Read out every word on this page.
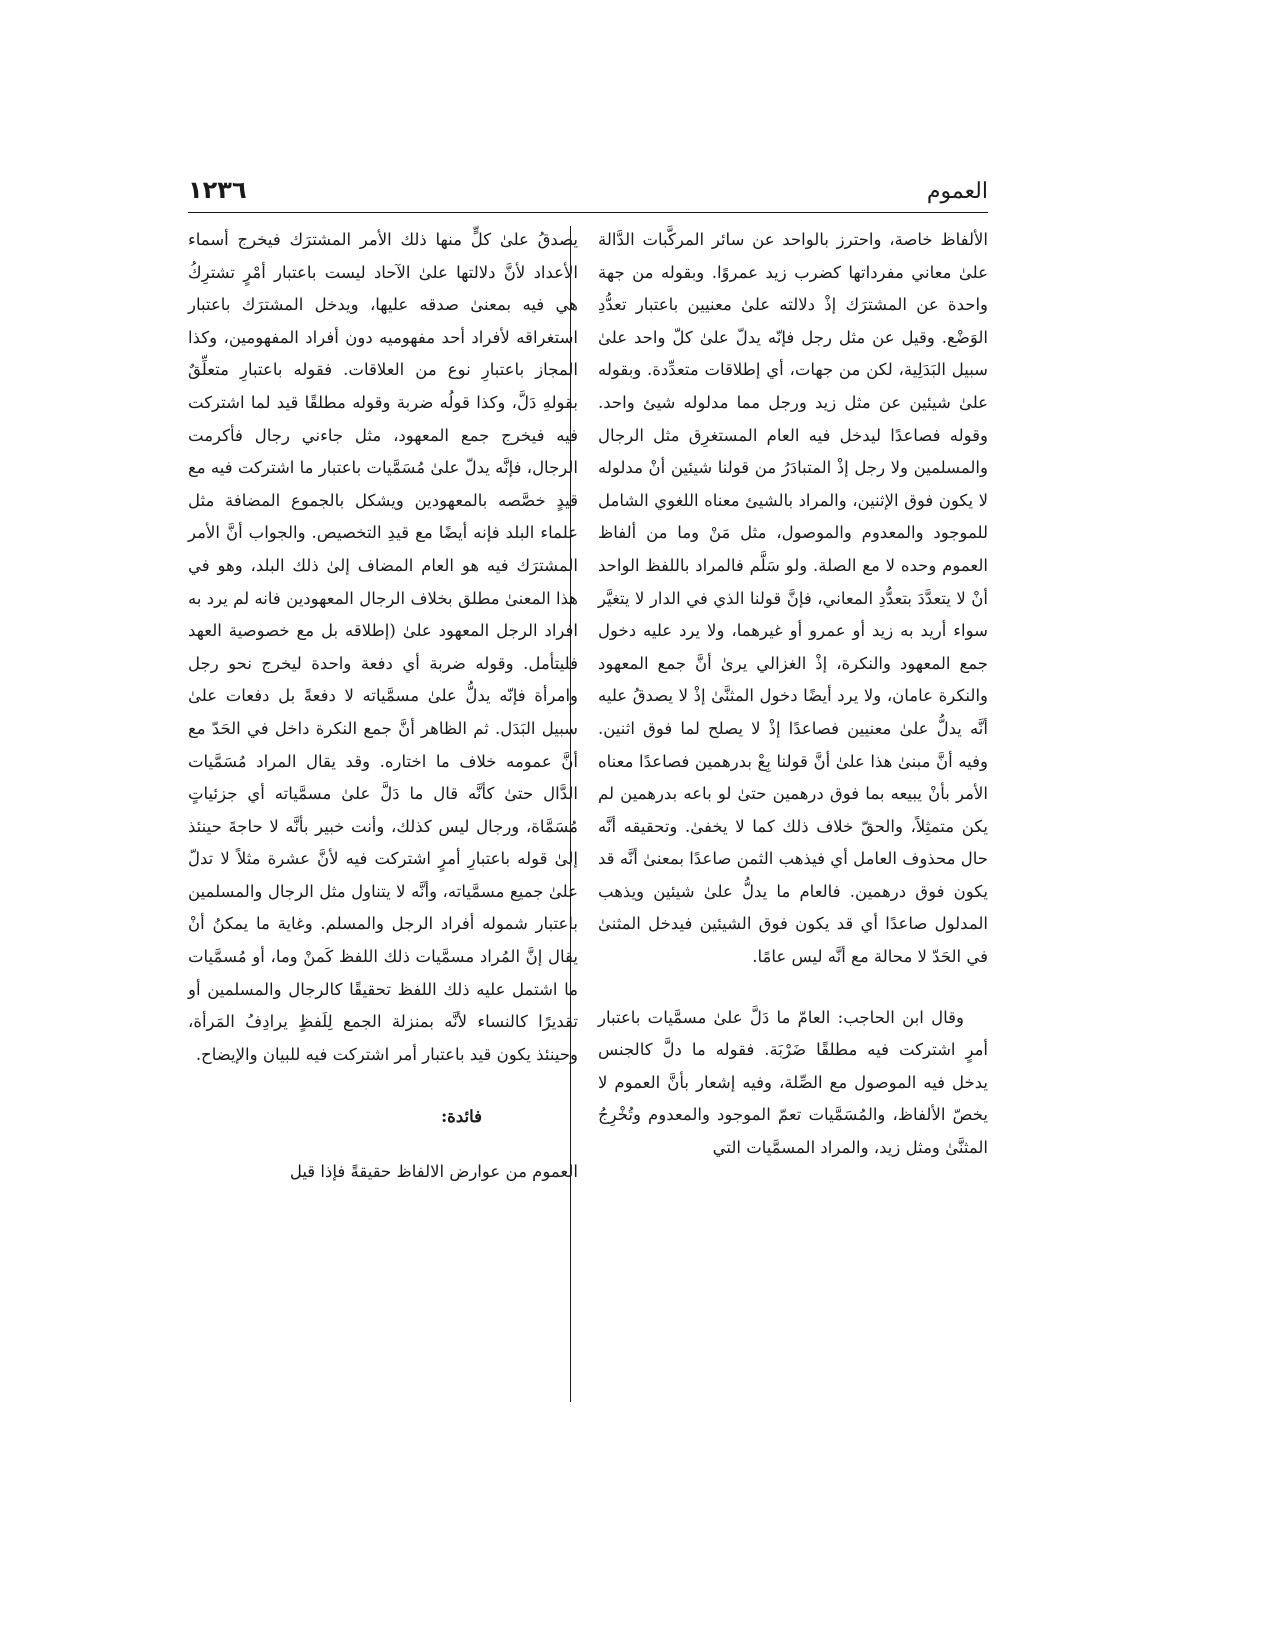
العموم
١٢٣٦

الألفاظ خاصة، واحترز بالواحد عن سائر المركَّبات الدَّالة علىٰ معاني مفرداتها كضرب زيد عمروًا. وبقوله من جهة واحدة عن المشترَك إذْ دلالته علىٰ معنيين باعتبار تعدُّدِ الوَضْع. وقيل عن مثل رجل فإنّه يدلّ علىٰ كلّ واحد علىٰ سبيل البَدَلِية، لكن من جهات، أي إطلاقات متعدِّدة. وبقوله علىٰ شيئين عن مثل زيد ورجل مما مدلوله شيئ واحد. وقوله فصاعدًا ليدخل فيه العام المستغرِق مثل الرجال والمسلمين ولا رجل إذْ المتبادَرُ من قولنا شيئين أنْ مدلوله لا يكون فوق الإثنين، والمراد بالشيئ معناه اللغوي الشامل للموجود والمعدوم والموصول، مثل مَنْ وما من ألفاظ العموم وحده لا مع الصلة. ولو سَلَّم فالمراد باللفظ الواحد أنْ لا يتعدَّدَ بتعدُّدِ المعاني، فإنَّ قولنا الذي في الدار لا يتغيَّر سواء أريد به زيد أو عمرو أو غيرهما، ولا يرد عليه دخول جمع المعهود والنكرة، إذْ الغزالي يرىٰ أنَّ جمع المعهود والنكرة عامان، ولا يرد أيضًا دخول المثنَّىٰ إذْ لا يصدقُ عليه أنَّه يدلُّ علىٰ معنيين فصاعدًا إذْ لا يصلح لما فوق اثنين. وفيه أنَّ مبنىٰ هذا علىٰ أنَّ قولنا بِعْ بدرهمين فصاعدًا معناه الأمر بأنْ يبيعه بما فوق درهمين حتىٰ لو باعه بدرهمين لم يكن متمثِلاً، والحقّ خلاف ذلك كما لا يخفىٰ. وتحقيقه أنَّه حال محذوف العامل أي فيذهب الثمن صاعدًا بمعنىٰ أنَّه قد يكون فوق درهمين. فالعام ما يدلُّ علىٰ شيئين ويذهب المدلول صاعدًا أي قد يكون فوق الشيئين فيدخل المثنىٰ في الحَدّ لا محالة مع أنَّه ليس عامًا.

وقال ابن الحاجب: العامّ ما دَلَّ علىٰ مسمَّيات باعتبار أمرٍ اشتركت فيه مطلقًا ضَرْبَة. فقوله ما دلَّ كالجنس يدخل فيه الموصول مع الصِّلة، وفيه إشعار بأنَّ العموم لا يخصّ الألفاظ، والمُسَمَّيات تعمّ الموجود والمعدوم وتُخْرِجُ المثنَّىٰ ومثل زيد، والمراد المسمَّيات التي

يصدقُ علىٰ كلٍّ منها ذلك الأمر المشترَك فيخرج أسماء الأعداد لأنَّ دلالتها علىٰ الآحاد ليست باعتبار أمْرٍ تشترِكُ هي فيه بمعنىٰ صدقه عليها، ويدخل المشترَك باعتبار استغراقه لأفراد أحد مفهوميه دون أفراد المفهومين، وكذا المجاز باعتبارِ نوع من العلاقات. فقوله باعتبارِ متعلِّقٌ بقولهِ دَلَّ، وكذا قولُه ضربة وقوله مطلقًا قيد لما اشتركت فيه فيخرج جمع المعهود، مثل جاءني رجال فأكرمت الرجال، فإنَّه يدلّ علىٰ مُسَمَّيات باعتبار ما اشتركت فيه مع قيدٍ خصَّصه بالمعهودين ويشكل بالجموع المضافة مثل علماء البلد فإنه أيضًا مع قيدِ التخصيص. والجواب أنَّ الأمر المشترَك فيه هو العام المضاف إلىٰ ذلك البلد، وهو في هذا المعنىٰ مطلق بخلاف الرجال المعهودين فانه لم يرد به افراد الرجل المعهود علىٰ (إطلاقه بل مع خصوصية العهد فليتأمل. وقوله ضربة أي دفعة واحدة ليخرج نحو رجل وامرأة فإنّه يدلُّ علىٰ مسمَّياته لا دفعةً بل دفعات علىٰ سبيل البَدَل. ثم الظاهر أنَّ جمع النكرة داخل في الحَدّ مع أنَّ عمومه خلاف ما اختاره. وقد يقال المراد مُسَمَّيات الدَّال حتىٰ كأنَّه قال ما دَلَّ علىٰ مسمَّياته أي جزئياتٍ مُسَمَّاة، ورجال ليس كذلك، وأنت خبير بأنَّه لا حاجةَ حينئذ إلىٰ قوله باعتبارِ أمرٍ اشتركت فيه لأنَّ عشرة مثلاً لا تدلّ علىٰ جميع مسمَّياته، وأنَّه لا يتناول مثل الرجال والمسلمين باعتبار شموله أفراد الرجل والمسلم. وغاية ما يمكنُ أنْ يقال إنَّ المُراد مسمَّيات ذلك اللفظ كَمنْ وما، أو مُسمَّيات ما اشتمل عليه ذلك اللفظ تحقيقًا كالرجال والمسلمين أو تقديرًا كالنساء لأنَّه بمنزلة الجمع لِلَفظٍ يرادِفُ المَرأة، وحينئذ يكون قيد باعتبار أمر اشتركت فيه للبيان والإيضاح.

فائدة:

العموم من عوارض الالفاظ حقيقةً فإذا قيل
